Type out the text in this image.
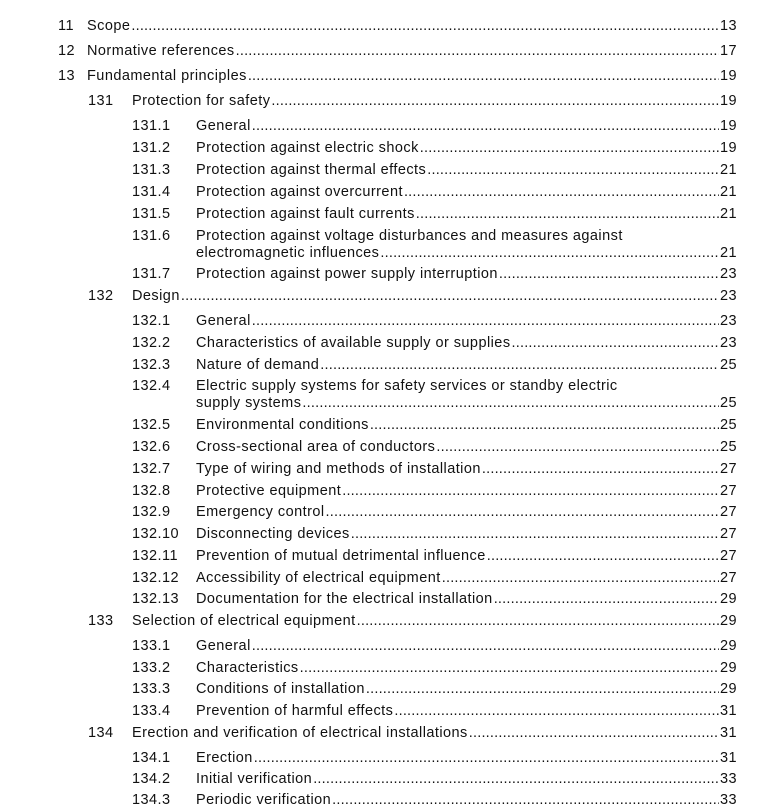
11 Scope .....	13
12 Normative references .....	17
13 Fundamental principles .....	19
131 Protection for safety .....	19
131.1 General .....	19
131.2 Protection against electric shock .....	19
131.3 Protection against thermal effects .....	21
131.4 Protection against overcurrent .....	21
131.5 Protection against fault currents .....	21
131.6 Protection against voltage disturbances and measures against
electromagnetic influences .....	21
131.7 Protection against power supply interruption .....	23
132 Design .....	23
132.1 General .....	23
132.2 Characteristics of available supply or supplies .....	23
132.3 Nature of demand .....	25
132.4 Electric supply systems for safety services or standby electric
supply systems .....	25
132.5 Environmental conditions .....	25
132.6 Cross-sectional area of conductors .....	25
132.7 Type of wiring and methods of installation .....	27
132.8 Protective equipment .....	27
132.9 Emergency control .....	27
132.10 Disconnecting devices .....	27
132.11 Prevention of mutual detrimental influence .....	27
132.12 Accessibility of electrical equipment .....	27
132.13 Documentation for the electrical installation .....	29
133 Selection of electrical equipment .....	29
133.1 General .....	29
133.2 Characteristics .....	29
133.3 Conditions of installation .....	29
133.4 Prevention of harmful effects .....	31
134 Erection and verification of electrical installations .....	31
134.1 Erection .....	31
134.2 Initial verification .....	33
134.3 Periodic verification .....	33
